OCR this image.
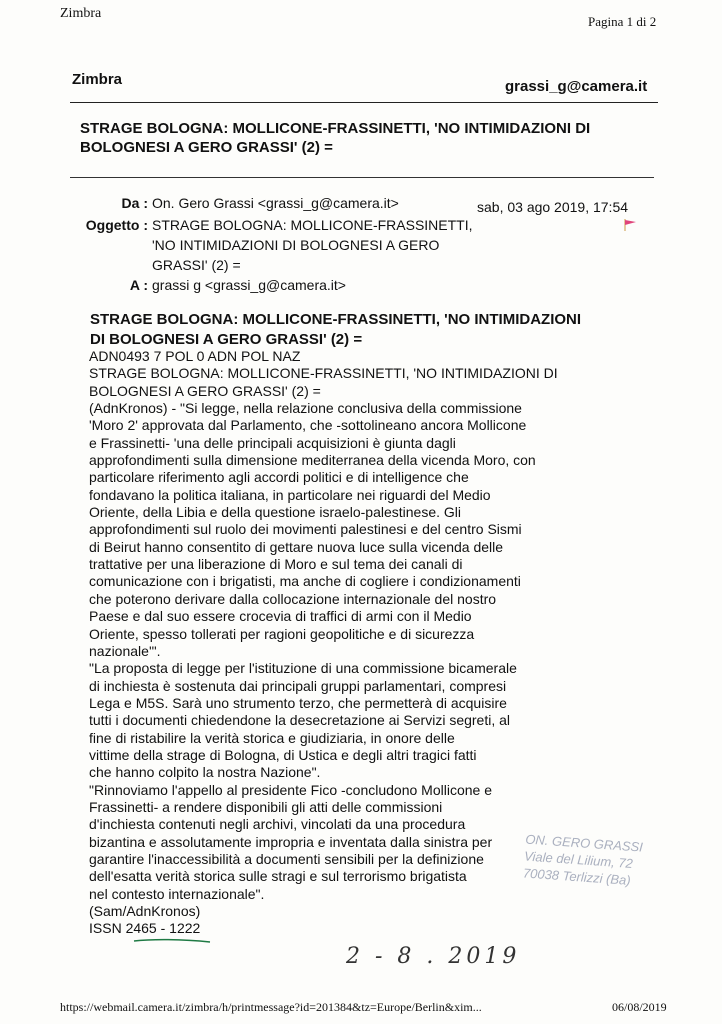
Zimbra
Pagina 1 di 2
Zimbra	grassi_g@camera.it
STRAGE BOLOGNA: MOLLICONE-FRASSINETTI, 'NO INTIMIDAZIONI DI BOLOGNESI A GERO GRASSI' (2) =
Da : On. Gero Grassi <grassi_g@camera.it>	sab, 03 ago 2019, 17:54
Oggetto : STRAGE BOLOGNA: MOLLICONE-FRASSINETTI,
'NO INTIMIDAZIONI DI BOLOGNESI A GERO
GRASSI' (2) =
A : grassi g <grassi_g@camera.it>
STRAGE BOLOGNA: MOLLICONE-FRASSINETTI, 'NO INTIMIDAZIONI
DI BOLOGNESI A GERO GRASSI' (2) =
ADN0493 7 POL 0 ADN POL NAZ
STRAGE BOLOGNA: MOLLICONE-FRASSINETTI, 'NO INTIMIDAZIONI DI
BOLOGNESI A GERO GRASSI' (2) =
(AdnKronos) - "Si legge, nella relazione conclusiva della commissione
'Moro 2' approvata dal Parlamento, che -sottolineano ancora Mollicone
e Frassinetti- 'una delle principali acquisizioni è giunta dagli
approfondimenti sulla dimensione mediterranea della vicenda Moro, con
particolare riferimento agli accordi politici e di intelligence che
fondavano la politica italiana, in particolare nei riguardi del Medio
Oriente, della Libia e della questione israelo-palestinese. Gli
approfondimenti sul ruolo dei movimenti palestinesi e del centro Sismi
di Beirut hanno consentito di gettare nuova luce sulla vicenda delle
trattative per una liberazione di Moro e sul tema dei canali di
comunicazione con i brigatisti, ma anche di cogliere i condizionamenti
che poterono derivare dalla collocazione internazionale del nostro
Paese e dal suo essere crocevia di traffici di armi con il Medio
Oriente, spesso tollerati per ragioni geopolitiche e di sicurezza
nazionale'".
"La proposta di legge per l'istituzione di una commissione bicamerale
di inchiesta è sostenuta dai principali gruppi parlamentari, compresi
Lega e M5S. Sarà uno strumento terzo, che permetterà di acquisire
tutti i documenti chiedendone la desecretazione ai Servizi segreti, al
fine di ristabilire la verità storica e giudiziaria, in onore delle
vittime della strage di Bologna, di Ustica e degli altri tragici fatti
che hanno colpito la nostra Nazione".
"Rinnoviamo l'appello al presidente Fico -concludono Mollicone e
Frassinetti- a rendere disponibili gli atti delle commissioni
d'inchiesta contenuti negli archivi, vincolati da una procedura
bizantina e assolutamente impropria e inventata dalla sinistra per
garantire l'inaccessibilità a documenti sensibili per la definizione
dell'esatta verità storica sulle stragi e sul terrorismo brigatista
nel contesto internazionale".
(Sam/AdnKronos)
ISSN 2465 - 1222
ON. GERO GRASSI
Viale del Lilium, 72
70038 Terlizzi (Ba)
2 - 8 . 2019
https://webmail.camera.it/zimbra/h/printmessage?id=201384&tz=Europe/Berlin&xim...	06/08/2019
